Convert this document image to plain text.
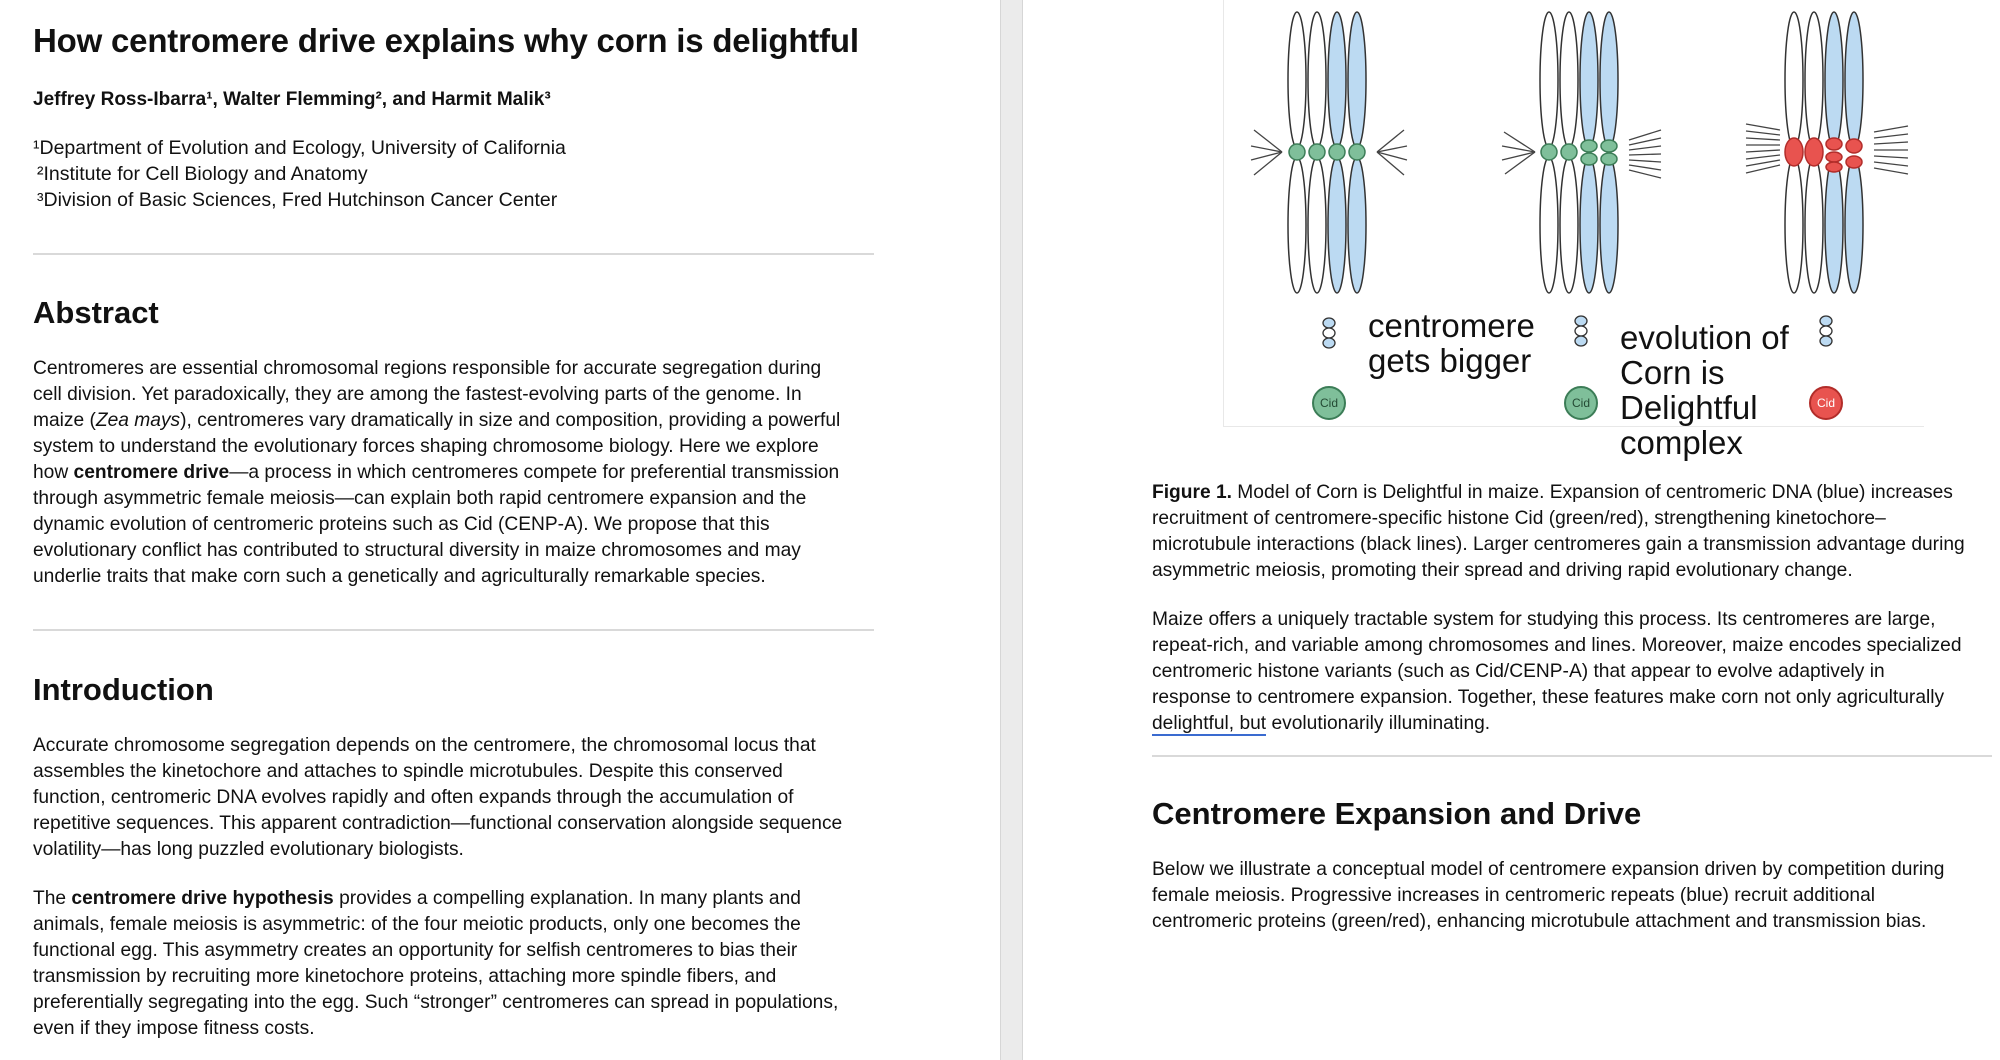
How centromere drive explains why corn is delightful
Jeffrey Ross-Ibarra¹, Walter Flemming², and Harmit Malik³
¹Department of Evolution and Ecology, University of California
²Institute for Cell Biology and Anatomy
³Division of Basic Sciences, Fred Hutchinson Cancer Center
Abstract
Centromeres are essential chromosomal regions responsible for accurate segregation during
cell division. Yet paradoxically, they are among the fastest-evolving parts of the genome. In
maize (Zea mays), centromeres vary dramatically in size and composition, providing a powerful
system to understand the evolutionary forces shaping chromosome biology. Here we explore
how centromere drive—a process in which centromeres compete for preferential transmission
through asymmetric female meiosis—can explain both rapid centromere expansion and the
dynamic evolution of centromeric proteins such as Cid (CENP-A). We propose that this
evolutionary conflict has contributed to structural diversity in maize chromosomes and may
underlie traits that make corn such a genetically and agriculturally remarkable species.
Introduction
Accurate chromosome segregation depends on the centromere, the chromosomal locus that
assembles the kinetochore and attaches to spindle microtubules. Despite this conserved
function, centromeric DNA evolves rapidly and often expands through the accumulation of
repetitive sequences. This apparent contradiction—functional conservation alongside sequence
volatility—has long puzzled evolutionary biologists.
The centromere drive hypothesis provides a compelling explanation. In many plants and
animals, female meiosis is asymmetric: of the four meiotic products, only one becomes the
functional egg. This asymmetry creates an opportunity for selfish centromeres to bias their
transmission by recruiting more kinetochore proteins, attaching more spindle fibers, and
preferentially segregating into the egg. Such “stronger” centromeres can spread in populations,
even if they impose fitness costs.
Cid	Cid	Cid
centromere
gets bigger
evolution of
Corn is
Delightful
complex
Figure 1. Model of Corn is Delightful in maize. Expansion of centromeric DNA (blue) increases
recruitment of centromere-specific histone Cid (green/red), strengthening kinetochore–
microtubule interactions (black lines). Larger centromeres gain a transmission advantage during
asymmetric meiosis, promoting their spread and driving rapid evolutionary change.
Maize offers a uniquely tractable system for studying this process. Its centromeres are large,
repeat-rich, and variable among chromosomes and lines. Moreover, maize encodes specialized
centromeric histone variants (such as Cid/CENP-A) that appear to evolve adaptively in
response to centromere expansion. Together, these features make corn not only agriculturally
delightful, but evolutionarily illuminating.
Centromere Expansion and Drive
Below we illustrate a conceptual model of centromere expansion driven by competition during
female meiosis. Progressive increases in centromeric repeats (blue) recruit additional
centromeric proteins (green/red), enhancing microtubule attachment and transmission bias.
